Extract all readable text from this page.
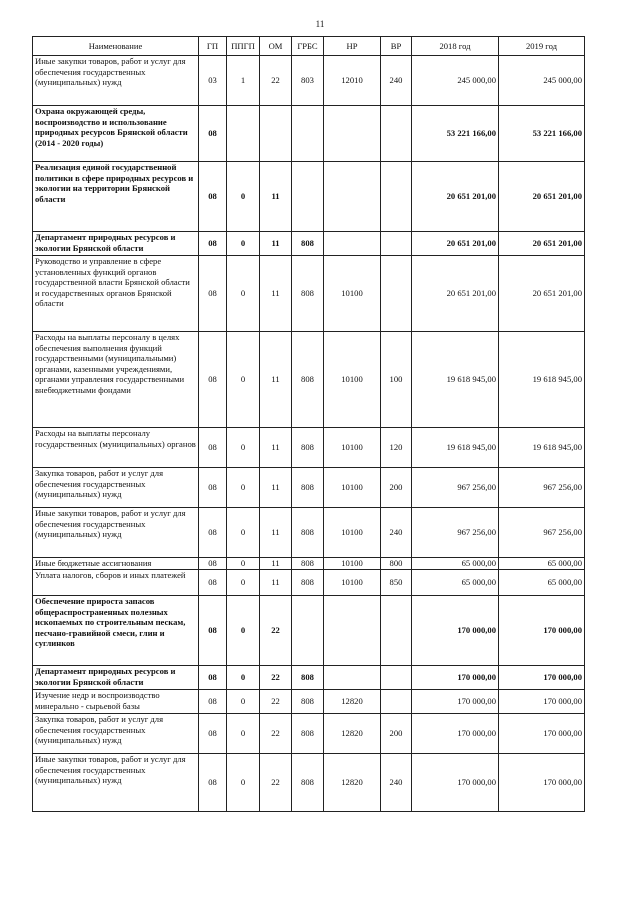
11
Наименование	ГП	ППГП	ОМ	ГРБС	НР	ВР	2018 год	2019 год
Иные закупки товаров, работ и услуг для обеспечения государственных (муниципальных) нужд	03	1	22	803	12010	240	245 000,00	245 000,00
Охрана окружающей среды, воспроизводство и использование природных ресурсов Брянской области (2014 - 2020 годы)	08						53 221 166,00	53 221 166,00
Реализация единой государственной политики в сфере природных ресурсов и экологии на территории Брянской области	08	0	11				20 651 201,00	20 651 201,00
Департамент природных ресурсов и экологии Брянской области	08	0	11	808			20 651 201,00	20 651 201,00
Руководство и управление в сфере установленных функций органов государственной власти Брянской области и государственных органов Брянской области	08	0	11	808	10100		20 651 201,00	20 651 201,00
Расходы на выплаты персоналу в целях обеспечения выполнения функций государственными (муниципальными) органами, казенными учреждениями, органами управления государственными внебюджетными фондами	08	0	11	808	10100	100	19 618 945,00	19 618 945,00
Расходы на выплаты персоналу государственных (муниципальных) органов	08	0	11	808	10100	120	19 618 945,00	19 618 945,00
Закупка товаров, работ и услуг для обеспечения государственных (муниципальных) нужд	08	0	11	808	10100	200	967 256,00	967 256,00
Иные закупки товаров, работ и услуг для обеспечения государственных (муниципальных) нужд	08	0	11	808	10100	240	967 256,00	967 256,00
Иные бюджетные ассигнования	08	0	11	808	10100	800	65 000,00	65 000,00
Уплата налогов, сборов и иных платежей	08	0	11	808	10100	850	65 000,00	65 000,00
Обеспечение прироста запасов общераспространенных полезных ископаемых по строительным пескам, песчано-гравийной смеси, глин и суглинков	08	0	22				170 000,00	170 000,00
Департамент природных ресурсов и экологии Брянской области	08	0	22	808			170 000,00	170 000,00
Изучение недр и воспроизводство минерально - сырьевой базы	08	0	22	808	12820		170 000,00	170 000,00
Закупка товаров, работ и услуг для обеспечения государственных (муниципальных) нужд	08	0	22	808	12820	200	170 000,00	170 000,00
Иные закупки товаров, работ и услуг для обеспечения государственных (муниципальных) нужд	08	0	22	808	12820	240	170 000,00	170 000,00
